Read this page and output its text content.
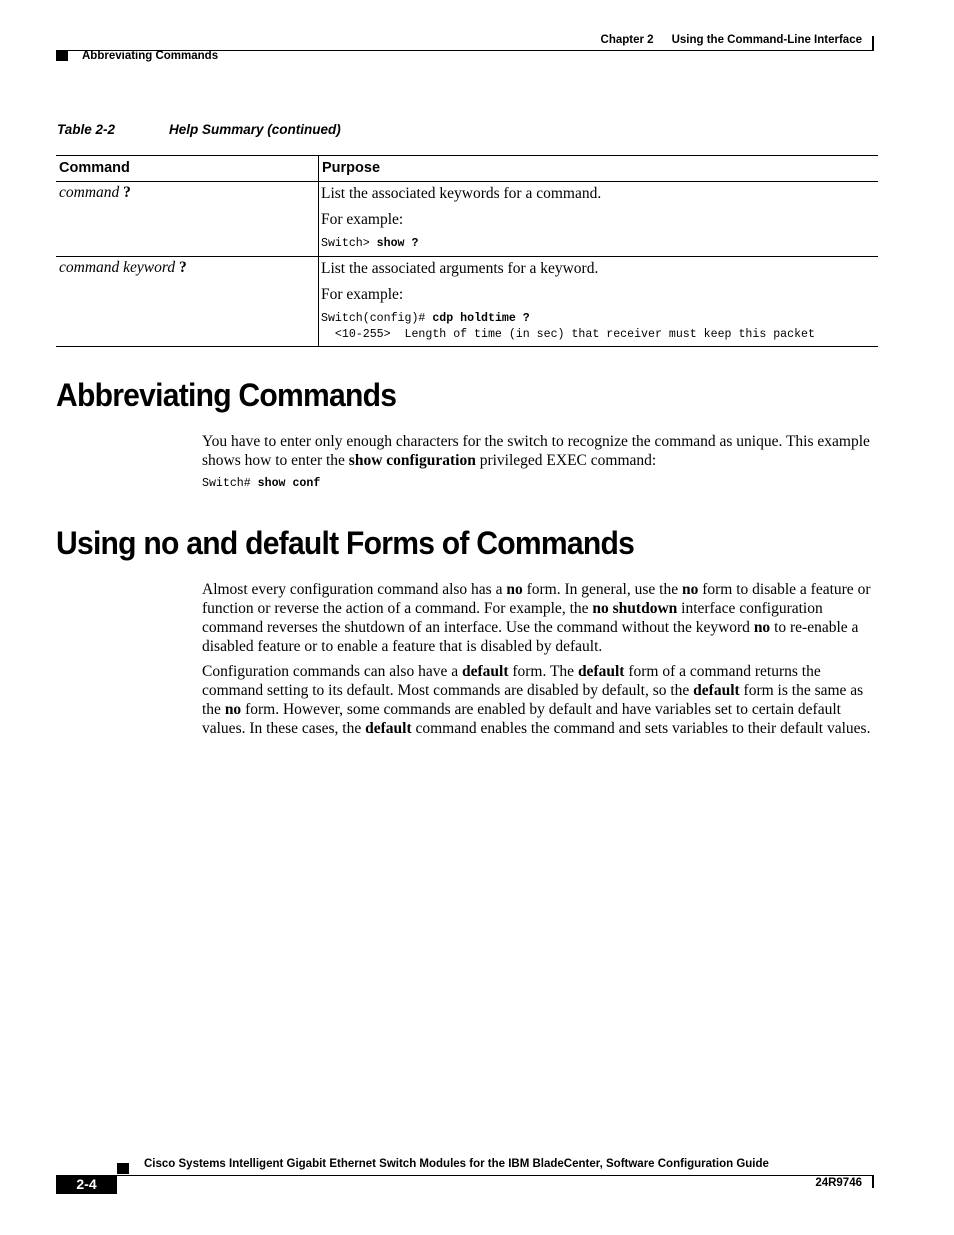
Chapter 2 Using the Command-Line Interface
Abbreviating Commands
Table 2-2	Help Summary (continued)
Command	Purpose
command ?	List the associated keywords for a command.

For example:

Switch> show ?

command keyword ?	List the associated arguments for a keyword.

For example:

Switch(config)# cdp holdtime ?
<10-255>  Length of time (in sec) that receiver must keep this packet
Abbreviating Commands

You have to enter only enough characters for the switch to recognize the command as unique. This example shows how to enter the show configuration privileged EXEC command:

Switch# show conf
Using no and default Forms of Commands

Almost every configuration command also has a no form. In general, use the no form to disable a feature or function or reverse the action of a command. For example, the no shutdown interface configuration command reverses the shutdown of an interface. Use the command without the keyword no to re-enable a disabled feature or to enable a feature that is disabled by default.

Configuration commands can also have a default form. The default form of a command returns the command setting to its default. Most commands are disabled by default, so the default form is the same as the no form. However, some commands are enabled by default and have variables set to certain default values. In these cases, the default command enables the command and sets variables to their default values.

Cisco Systems Intelligent Gigabit Ethernet Switch Modules for the IBM BladeCenter, Software Configuration Guide
2-4	24R9746
